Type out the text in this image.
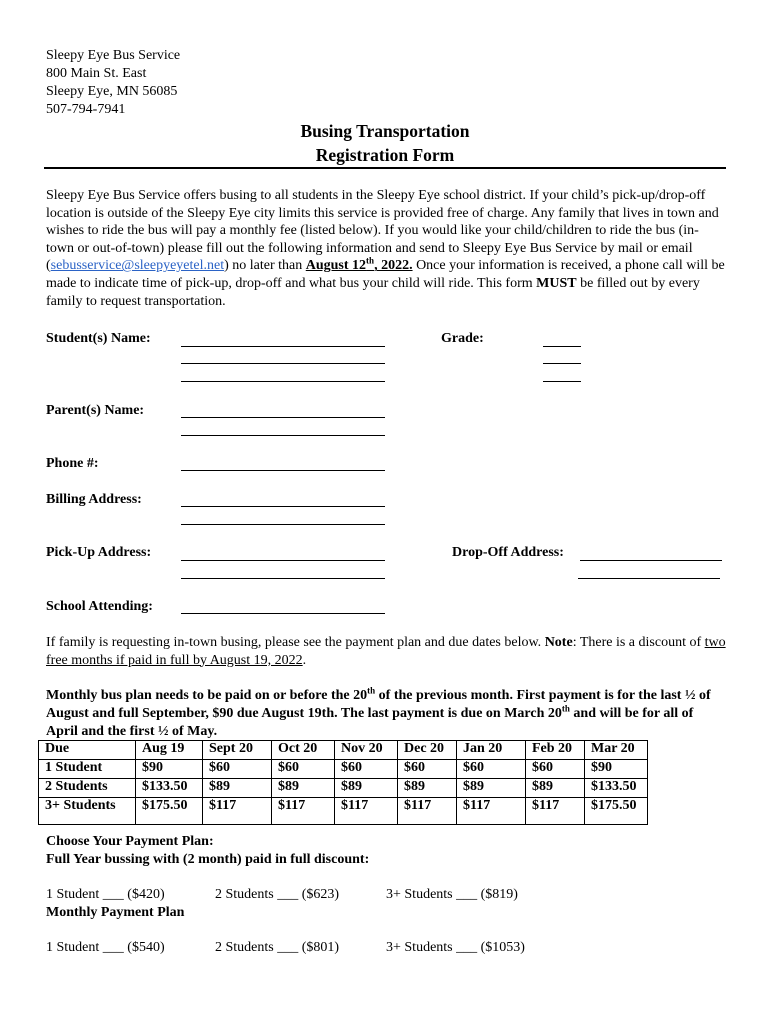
Sleepy Eye Bus Service
800 Main St. East
Sleepy Eye, MN 56085
507-794-7941
Busing Transportation
Registration Form
Sleepy Eye Bus Service offers busing to all students in the Sleepy Eye school district. If your child’s pick-up/drop-off location is outside of the Sleepy Eye city limits this service is provided free of charge. Any family that lives in town and wishes to ride the bus will pay a monthly fee (listed below). If you would like your child/children to ride the bus (in-town or out-of-town) please fill out the following information and send to Sleepy Eye Bus Service by mail or email (sebusservice@sleepyeyetel.net) no later than August 12th, 2022. Once your information is received, a phone call will be made to indicate time of pick-up, drop-off and what bus your child will ride. This form MUST be filled out by every family to request transportation.
Student(s) Name:	Grade:
Parent(s) Name:
Phone #:
Billing Address:
Pick-Up Address:	Drop-Off Address:
School Attending:
If family is requesting in-town busing, please see the payment plan and due dates below. Note: There is a discount of two free months if paid in full by August 19, 2022.
Monthly bus plan needs to be paid on or before the 20th of the previous month. First payment is for the last ½ of August and full September, $90 due August 19th. The last payment is due on March 20th and will be for all of April and the first ½ of May.
Due	Aug 19	Sept 20	Oct 20	Nov 20	Dec 20	Jan 20	Feb 20	Mar 20
1 Student	$90	$60	$60	$60	$60	$60	$60	$90
2 Students	$133.50	$89	$89	$89	$89	$89	$89	$133.50
3+ Students	$175.50	$117	$117	$117	$117	$117	$117	$175.50
Choose Your Payment Plan:
Full Year bussing with (2 month) paid in full discount:
1 Student ___ ($420)	2 Students ___ ($623)	3+ Students ___ ($819)
Monthly Payment Plan
1 Student ___ ($540)	2 Students ___ ($801)	3+ Students ___ ($1053)
